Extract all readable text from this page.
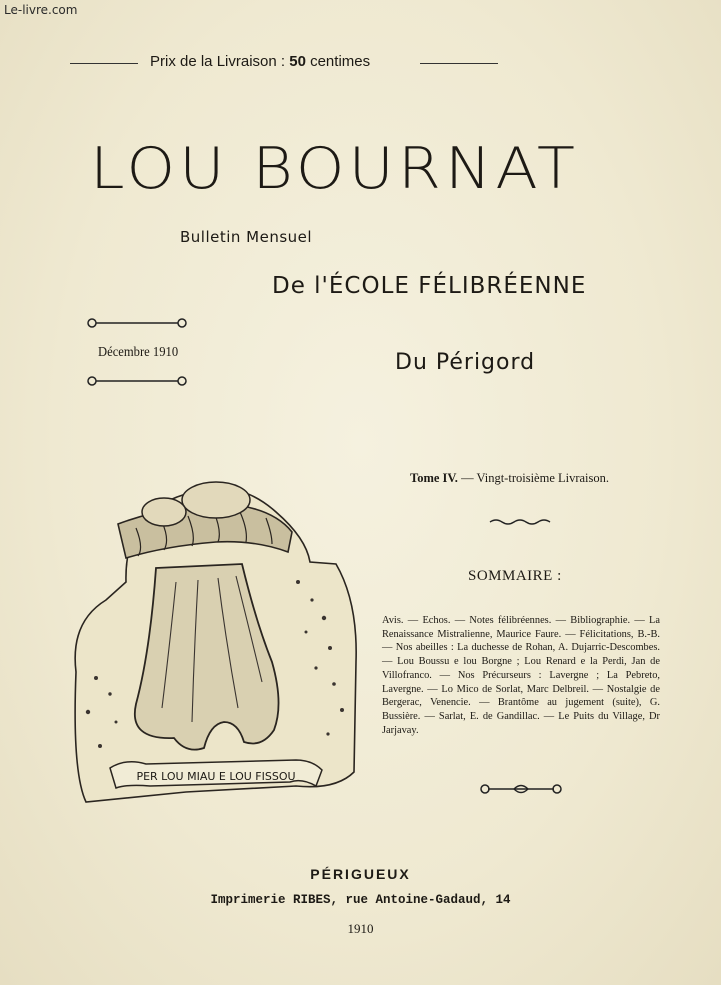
Le-livre.com
Prix de la Livraison : 50 centimes
LOU BOURNAT
Bulletin Mensuel
De l'ÉCOLE FÉLIBRÉENNE
Décembre 1910	Du Périgord
Tome IV. — Vingt-troisième Livraison.
SOMMAIRE :
Avis. — Echos. — Notes félibréennes. — Bibliographie. — La Renaissance Mistralienne, Maurice Faure. — Félicitations, B.-B. — Nos abeilles : La duchesse de Rohan, A. Dujarric-Descombes. — Lou Boussu e lou Borgne ; Lou Renard e la Perdi, Jan de Villofranco. — Nos Précurseurs : Lavergne ; La Pebreto, Lavergne. — Lo Mico de Sorlat, Marc Delbreil. — Nostalgie de Bergerac, Venencie. — Brantôme au jugement (suite), G. Bussière. — Sarlat, E. de Gandillac. — Le Puits du Village, Dr Jarjavay.
PER LOU MIAU E LOU FISSOU
PÉRIGUEUX
Imprimerie RIBES, rue Antoine-Gadaud, 14
1910
